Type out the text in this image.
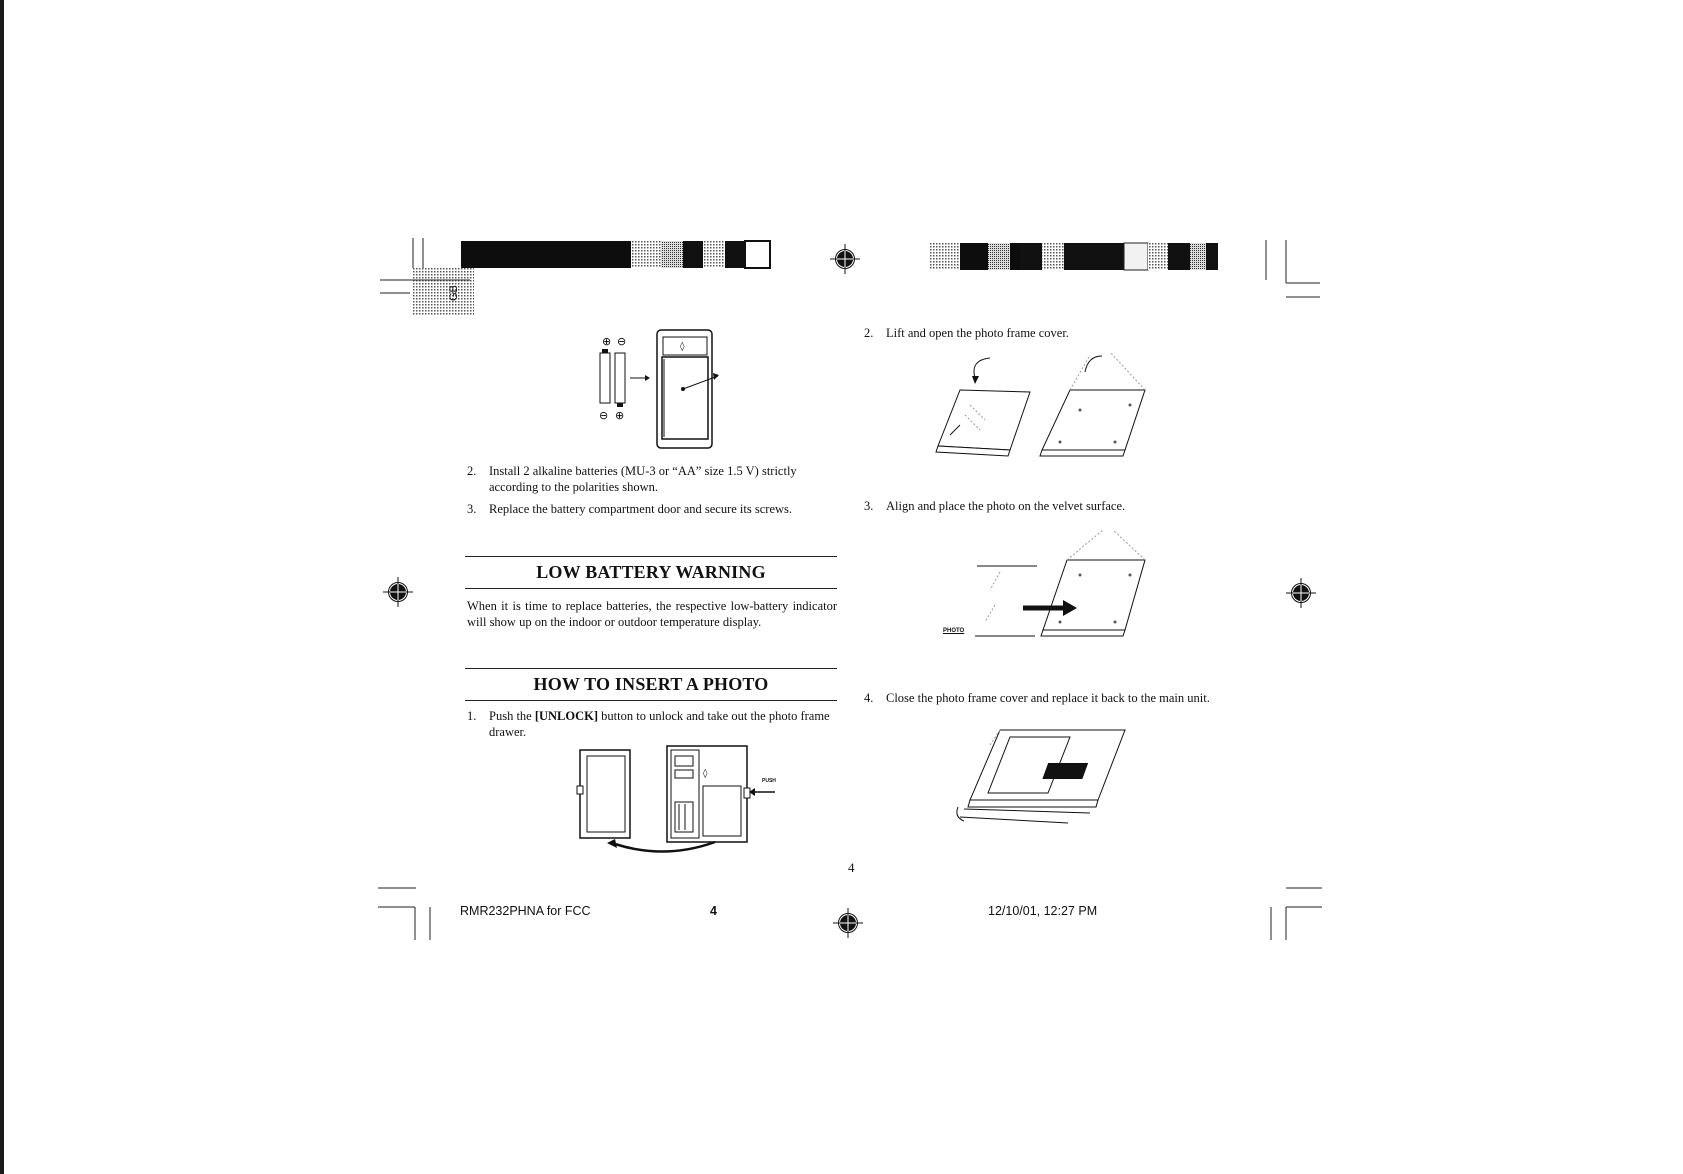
GB
⊕ ⊖
⊖ ⊕
◊
2. Install 2 alkaline batteries (MU-3 or “AA” size 1.5 V) strictly according to the polarities shown.
3. Replace the battery compartment door and secure its screws.
LOW BATTERY WARNING
When it is time to replace batteries, the respective low-battery indicator will show up on the indoor or outdoor temperature display.
HOW TO INSERT A PHOTO
1. Push the [UNLOCK] button to unlock and take out the photo frame drawer.
◊
PUSH
2. Lift and open the photo frame cover.
3. Align and place the photo on the velvet surface.
PHOTO
4. Close the photo frame cover and replace it back to the main unit.
4
RMR232PHNA for FCC	4	12/10/01, 12:27 PM
